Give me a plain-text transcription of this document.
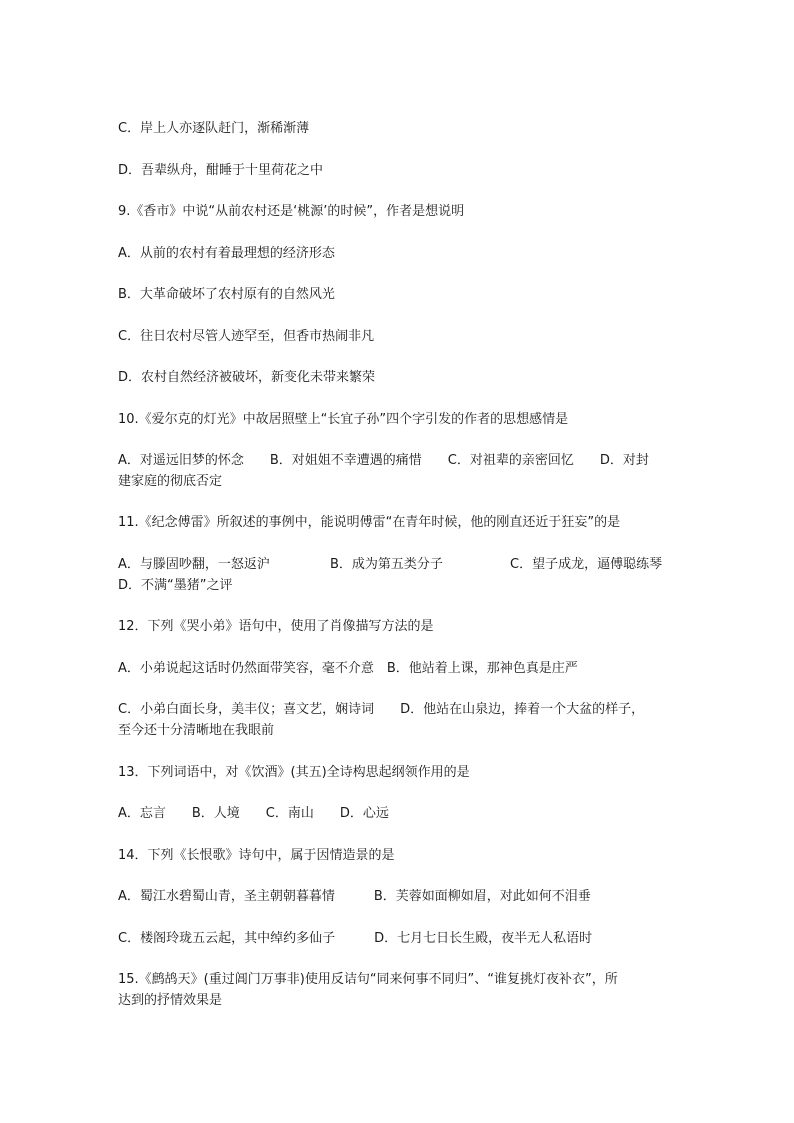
C．岸上人亦逐队赶门，渐稀渐薄
D．吾辈纵舟，酣睡于十里荷花之中
9.《香市》中说“从前农村还是‘桃源’的时候”，作者是想说明
A．从前的农村有着最理想的经济形态
B．大革命破坏了农村原有的自然风光
C．往日农村尽管人迹罕至，但香市热闹非凡
D．农村自然经济被破坏，新变化未带来繁荣
10.《爱尔克的灯光》中故居照壁上“长宜子孙”四个字引发的作者的思想感情是
A．对遥远旧梦的怀念　　B．对姐姐不幸遭遇的痛惜　　C．对祖辈的亲密回忆　　D．对封
建家庭的彻底否定
11.《纪念傅雷》所叙述的事例中，能说明傅雷“在青年时候，他的刚直还近于狂妄”的是
A．与滕固吵翻，一怒返沪	B．成为第五类分子	C．望子成龙，逼傅聪练琴
D．不满“墨猪”之评
12．下列《哭小弟》语句中，使用了肖像描写方法的是
A．小弟说起这话时仍然面带笑容，毫不介意　B．他站着上课，那神色真是庄严
C．小弟白面长身，美丰仪；喜文艺，娴诗词　　D．他站在山泉边，捧着一个大盆的样子，
至今还十分清晰地在我眼前
13．下列词语中，对《饮酒》(其五)全诗构思起纲领作用的是
A．忘言　　B．人境　　C．南山　　D．心远
14．下列《长恨歌》诗句中，属于因情造景的是
A．蜀江水碧蜀山青，圣主朝朝暮暮情　　　B．芙蓉如面柳如眉，对此如何不泪垂
C．楼阁玲珑五云起，其中绰约多仙子　　　D．七月七日长生殿，夜半无人私语时
15.《鹧鸪天》(重过阊门万事非)使用反诘句“同来何事不同归”、“谁复挑灯夜补衣”，所
达到的抒情效果是
